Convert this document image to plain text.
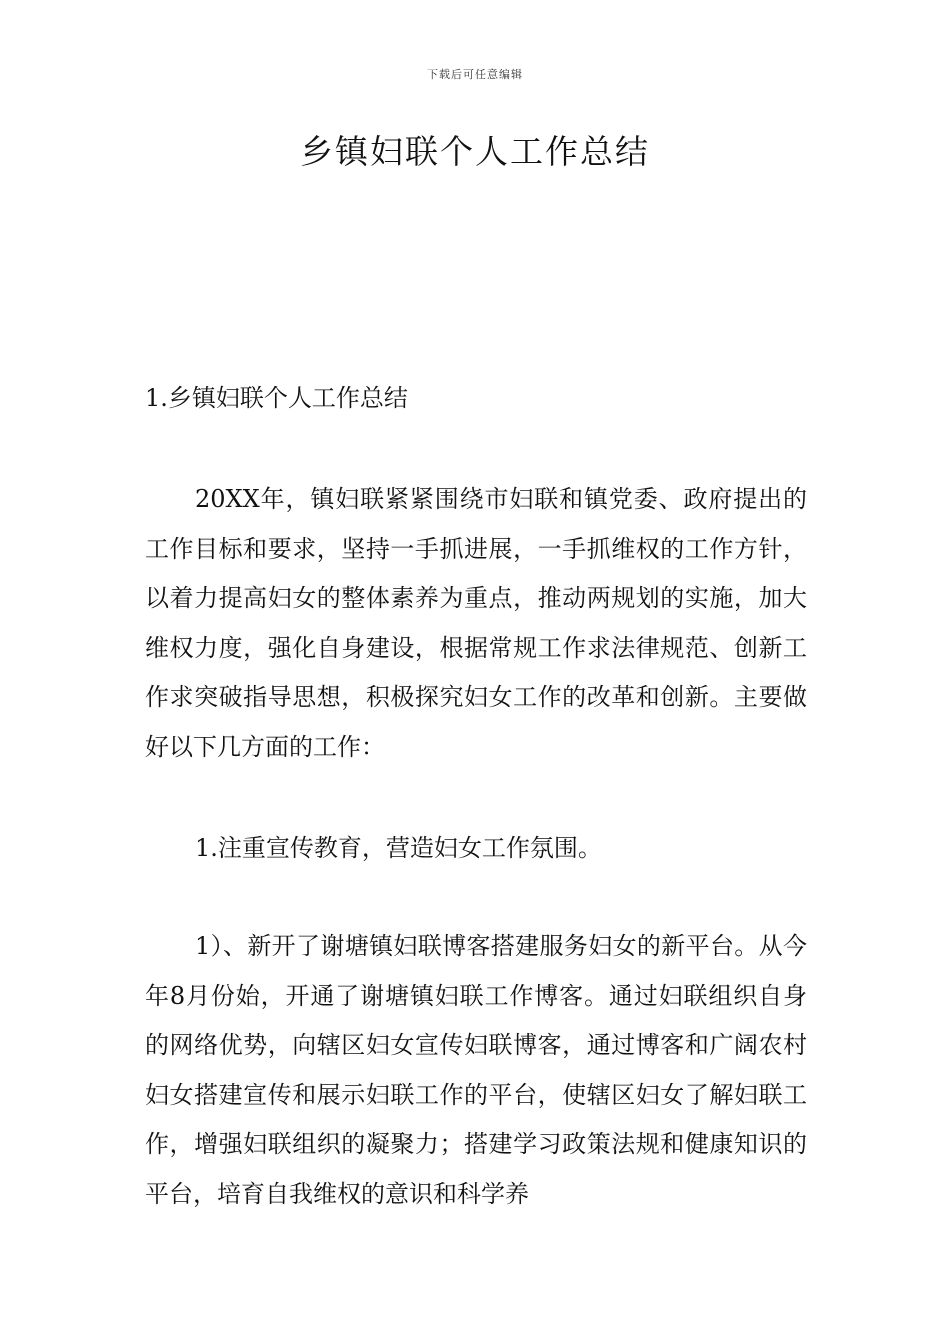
下载后可任意编辑
乡镇妇联个人工作总结

1.乡镇妇联个人工作总结

20XX年，镇妇联紧紧围绕市妇联和镇党委、政府提出的工作目标和要求，坚持一手抓进展，一手抓维权的工作方针，以着力提高妇女的整体素养为重点，推动两规划的实施，加大维权力度，强化自身建设，根据常规工作求法律规范、创新工作求突破指导思想，积极探究妇女工作的改革和创新。主要做好以下几方面的工作：

1.注重宣传教育，营造妇女工作氛围。

1）、新开了谢塘镇妇联博客搭建服务妇女的新平台。从今年8月份始，开通了谢塘镇妇联工作博客。通过妇联组织自身的网络优势，向辖区妇女宣传妇联博客，通过博客和广阔农村妇女搭建宣传和展示妇联工作的平台，使辖区妇女了解妇联工作，增强妇联组织的凝聚力；搭建学习政策法规和健康知识的平台，培育自我维权的意识和科学养
